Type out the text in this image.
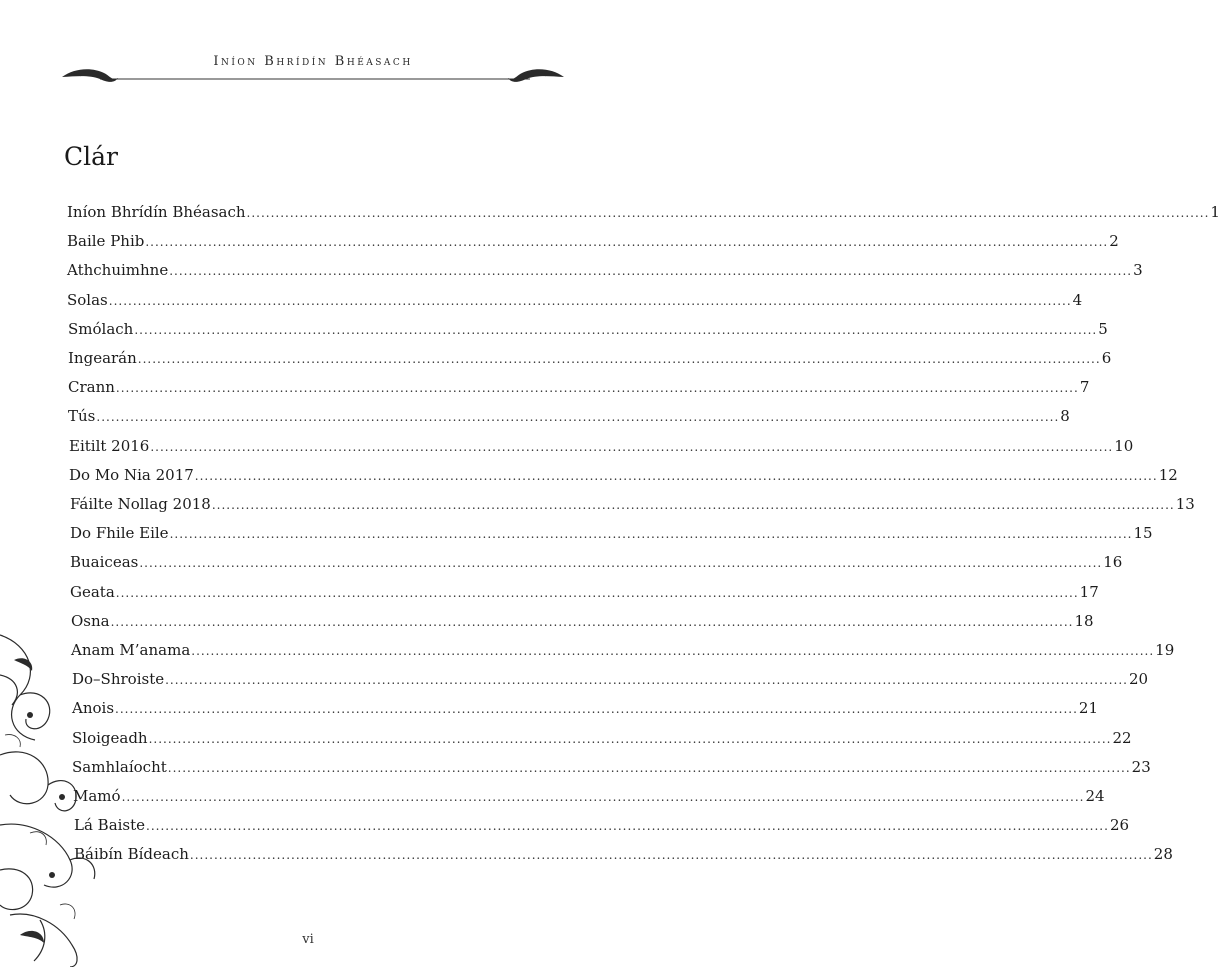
Iníon Bhrídín Bhéasach
Clár
Iníon Bhrídín Bhéasach ........................................................................................................................................................................................................ 1
Baile Phib ........................................................................................................................................................................................................ 2
Athchuimhne ........................................................................................................................................................................................................ 3
Solas ........................................................................................................................................................................................................ 4
Smólach ........................................................................................................................................................................................................ 5
Ingearán ........................................................................................................................................................................................................ 6
Crann ........................................................................................................................................................................................................ 7
Tús ........................................................................................................................................................................................................ 8
Eitilt 2016 ........................................................................................................................................................................................................ 10
Do Mo Nia 2017 ........................................................................................................................................................................................................ 12
Fáilte Nollag 2018 ........................................................................................................................................................................................................ 13
Do Fhile Eile ........................................................................................................................................................................................................ 15
Buaiceas ........................................................................................................................................................................................................ 16
Geata ........................................................................................................................................................................................................ 17
Osna ........................................................................................................................................................................................................ 18
Anam M’anama ........................................................................................................................................................................................................ 19
Do–Shroiste ........................................................................................................................................................................................................ 20
Anois ........................................................................................................................................................................................................ 21
Sloigeadh ........................................................................................................................................................................................................ 22
Samhlaíocht ........................................................................................................................................................................................................ 23
Mamó ........................................................................................................................................................................................................ 24
Lá Baiste ........................................................................................................................................................................................................ 26
Báibín Bídeach ........................................................................................................................................................................................................ 28
vi
